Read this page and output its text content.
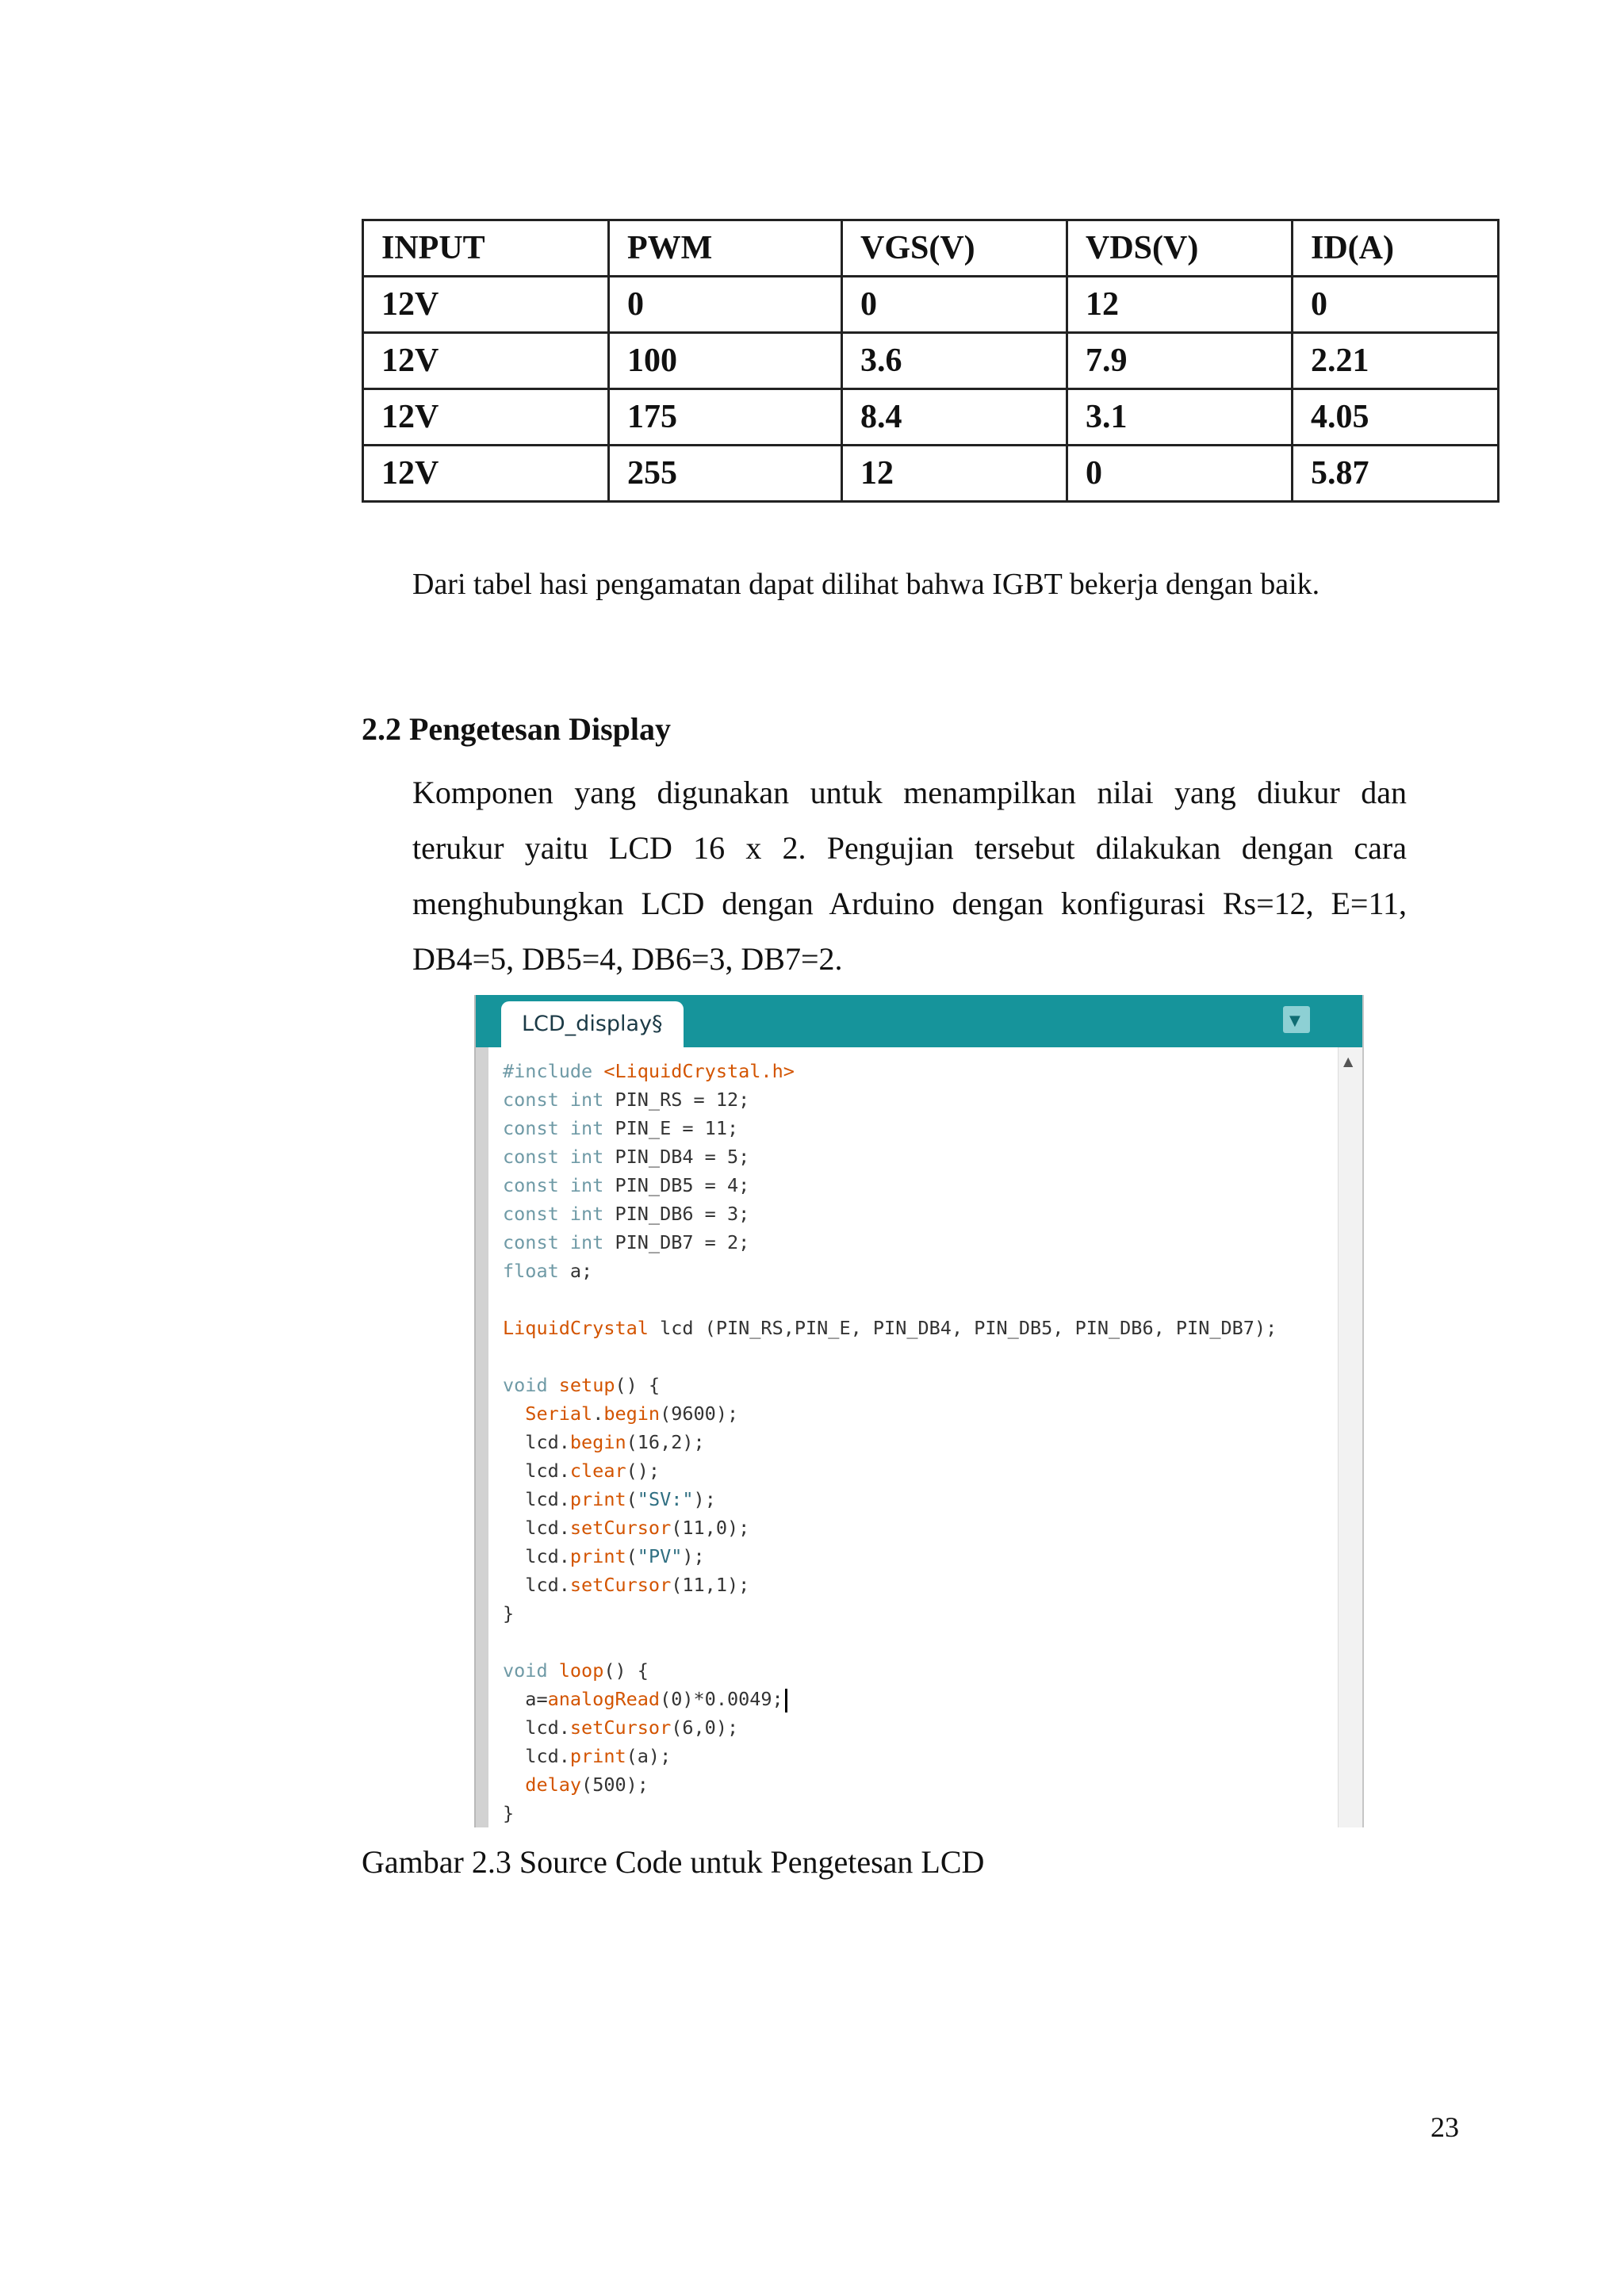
INPUT	PWM	VGS(V)	VDS(V)	ID(A)
12V	0	0	12	0
12V	100	3.6	7.9	2.21
12V	175	8.4	3.1	4.05
12V	255	12	0	5.87
Dari tabel hasi pengamatan dapat dilihat bahwa IGBT bekerja dengan baik.
2.2 Pengetesan Display
Komponen yang digunakan untuk menampilkan nilai yang diukur dan
terukur yaitu LCD 16 x 2. Pengujian tersebut dilakukan dengan cara
menghubungkan LCD dengan Arduino dengan konfigurasi Rs=12, E=11,
DB4=5, DB5=4, DB6=3, DB7=2.
LCD_display§	▼
#include <LiquidCrystal.h>
const int PIN_RS = 12;
const int PIN_E = 11;
const int PIN_DB4 = 5;
const int PIN_DB5 = 4;
const int PIN_DB6 = 3;
const int PIN_DB7 = 2;
float a;
LiquidCrystal lcd (PIN_RS,PIN_E, PIN_DB4, PIN_DB5, PIN_DB6, PIN_DB7);
void setup() {
Serial.begin(9600);
lcd.begin(16,2);
lcd.clear();
lcd.print("SV:");
lcd.setCursor(11,0);
lcd.print("PV");
lcd.setCursor(11,1);
}
void loop() {
a=analogRead(0)*0.0049;
lcd.setCursor(6,0);
lcd.print(a);
delay(500);
}
▲
Gambar 2.3 Source Code untuk Pengetesan LCD
23
